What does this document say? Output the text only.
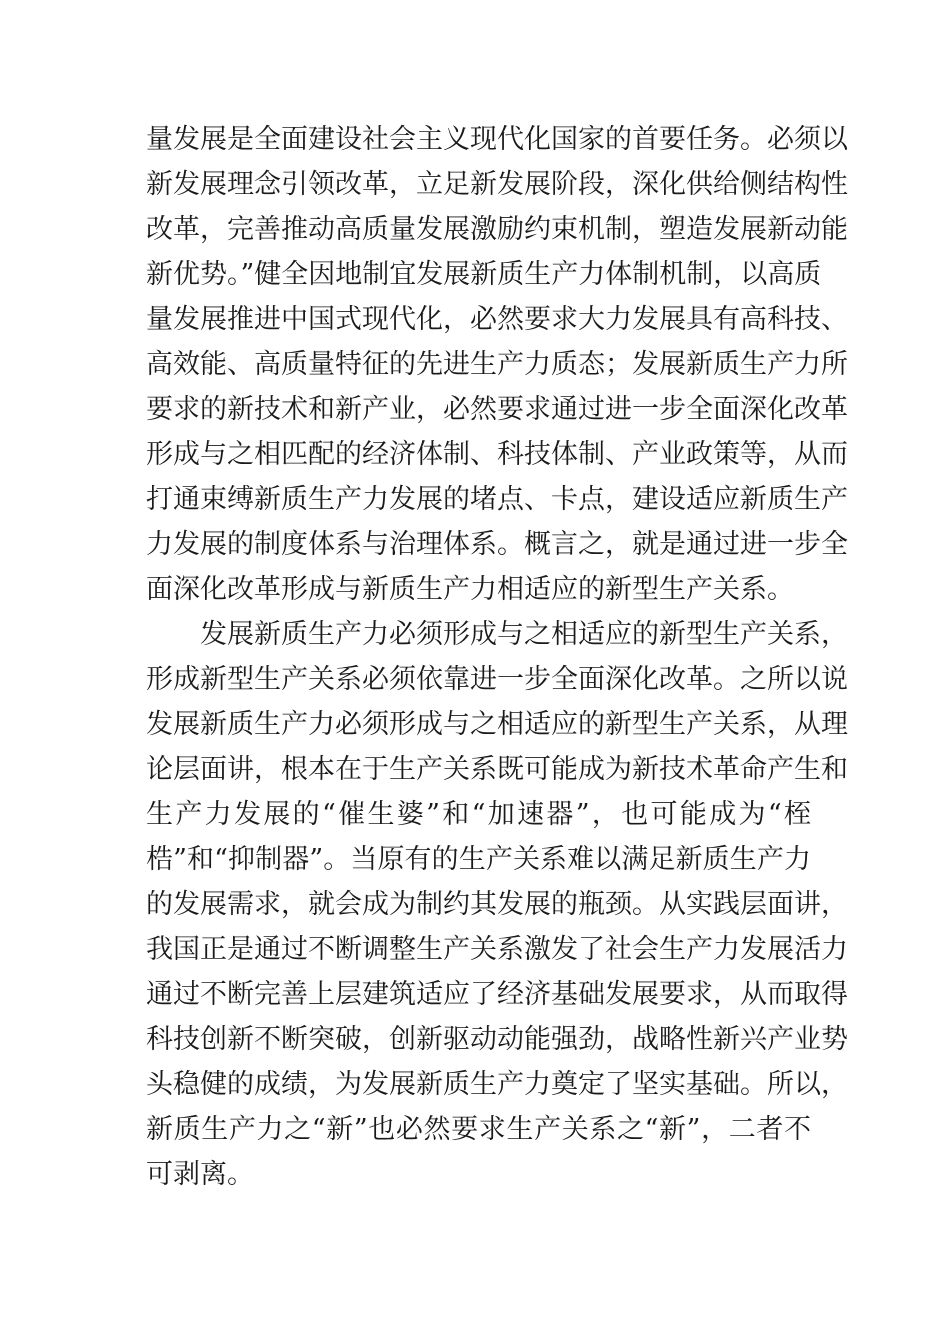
量发展是全面建设社会主义现代化国家的首要任务。必须以
新发展理念引领改革，立足新发展阶段，深化供给侧结构性
改革，完善推动高质量发展激励约束机制，塑造发展新动能
新优势。”健全因地制宜发展新质生产力体制机制，以高质
量发展推进中国式现代化，必然要求大力发展具有高科技、
高效能、高质量特征的先进生产力质态；发展新质生产力所
要求的新技术和新产业，必然要求通过进一步全面深化改革
形成与之相匹配的经济体制、科技体制、产业政策等，从而
打通束缚新质生产力发展的堵点、卡点，建设适应新质生产
力发展的制度体系与治理体系。概言之，就是通过进一步全
面深化改革形成与新质生产力相适应的新型生产关系。
发展新质生产力必须形成与之相适应的新型生产关系，
形成新型生产关系必须依靠进一步全面深化改革。之所以说
发展新质生产力必须形成与之相适应的新型生产关系，从理
论层面讲，根本在于生产关系既可能成为新技术革命产生和
生产力发展的“催生婆”和“加速器”，也可能成为“桎
梏”和“抑制器”。当原有的生产关系难以满足新质生产力
的发展需求，就会成为制约其发展的瓶颈。从实践层面讲，
我国正是通过不断调整生产关系激发了社会生产力发展活力
通过不断完善上层建筑适应了经济基础发展要求，从而取得
科技创新不断突破，创新驱动动能强劲，战略性新兴产业势
头稳健的成绩，为发展新质生产力奠定了坚实基础。所以，
新质生产力之“新”也必然要求生产关系之“新”，二者不
可剥离。
